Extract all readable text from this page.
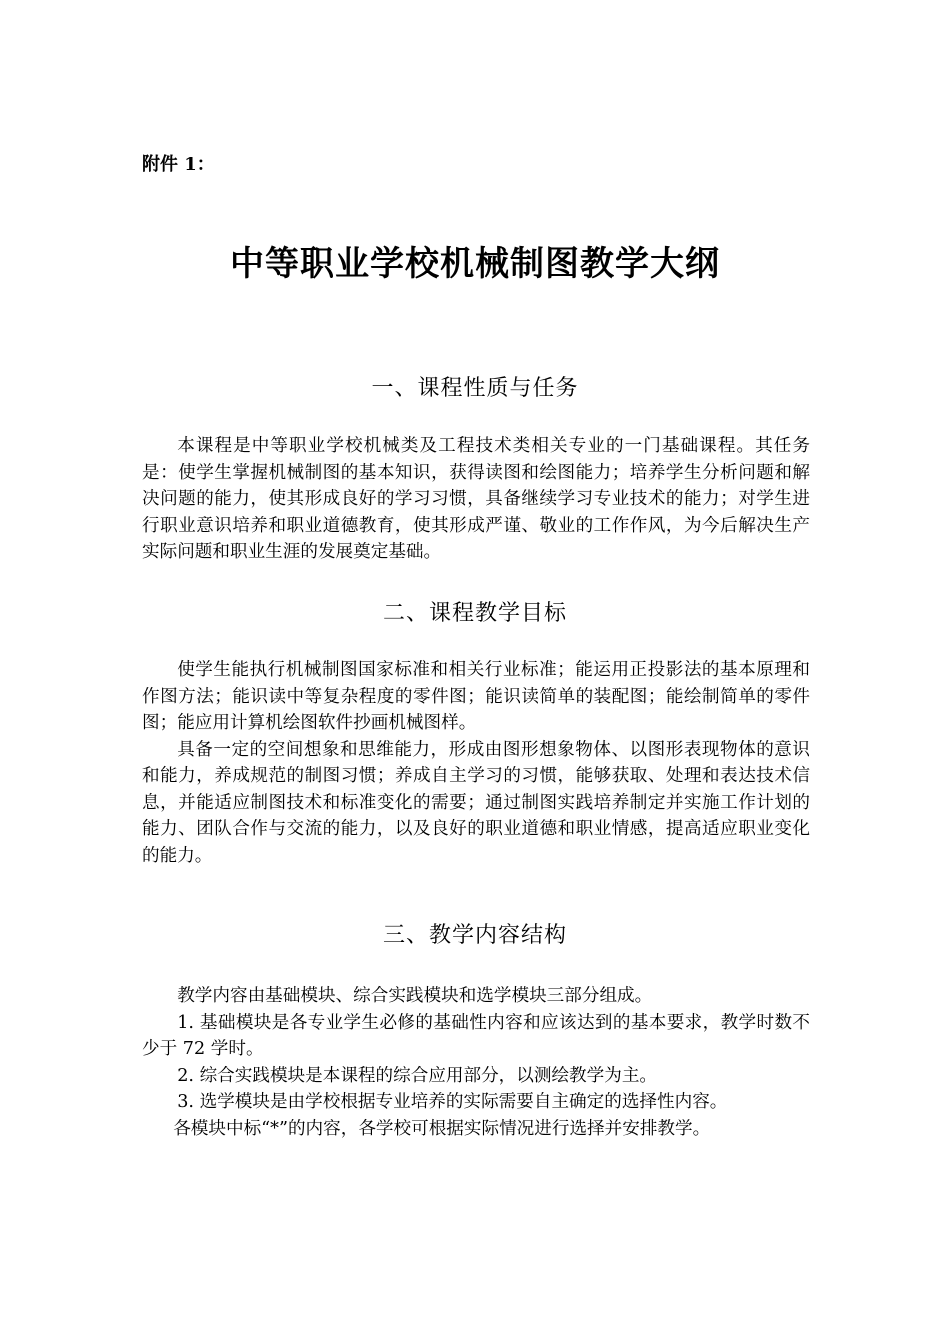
附件 1：
中等职业学校机械制图教学大纲
一、课程性质与任务

本课程是中等职业学校机械类及工程技术类相关专业的一门基础课程。其任务是：使学生掌握机械制图的基本知识，获得读图和绘图能力；培养学生分析问题和解决问题的能力，使其形成良好的学习习惯，具备继续学习专业技术的能力；对学生进行职业意识培养和职业道德教育，使其形成严谨、敬业的工作作风，为今后解决生产实际问题和职业生涯的发展奠定基础。

二、课程教学目标

使学生能执行机械制图国家标准和相关行业标准；能运用正投影法的基本原理和作图方法；能识读中等复杂程度的零件图；能识读简单的装配图；能绘制简单的零件图；能应用计算机绘图软件抄画机械图样。

具备一定的空间想象和思维能力，形成由图形想象物体、以图形表现物体的意识和能力，养成规范的制图习惯；养成自主学习的习惯，能够获取、处理和表达技术信息，并能适应制图技术和标准变化的需要；通过制图实践培养制定并实施工作计划的能力、团队合作与交流的能力，以及良好的职业道德和职业情感，提高适应职业变化的能力。

三、教学内容结构

教学内容由基础模块、综合实践模块和选学模块三部分组成。

1. 基础模块是各专业学生必修的基础性内容和应该达到的基本要求，教学时数不少于 72 学时。

2. 综合实践模块是本课程的综合应用部分，以测绘教学为主。

3. 选学模块是由学校根据专业培养的实际需要自主确定的选择性内容。

各模块中标“*”的内容，各学校可根据实际情况进行选择并安排教学。
